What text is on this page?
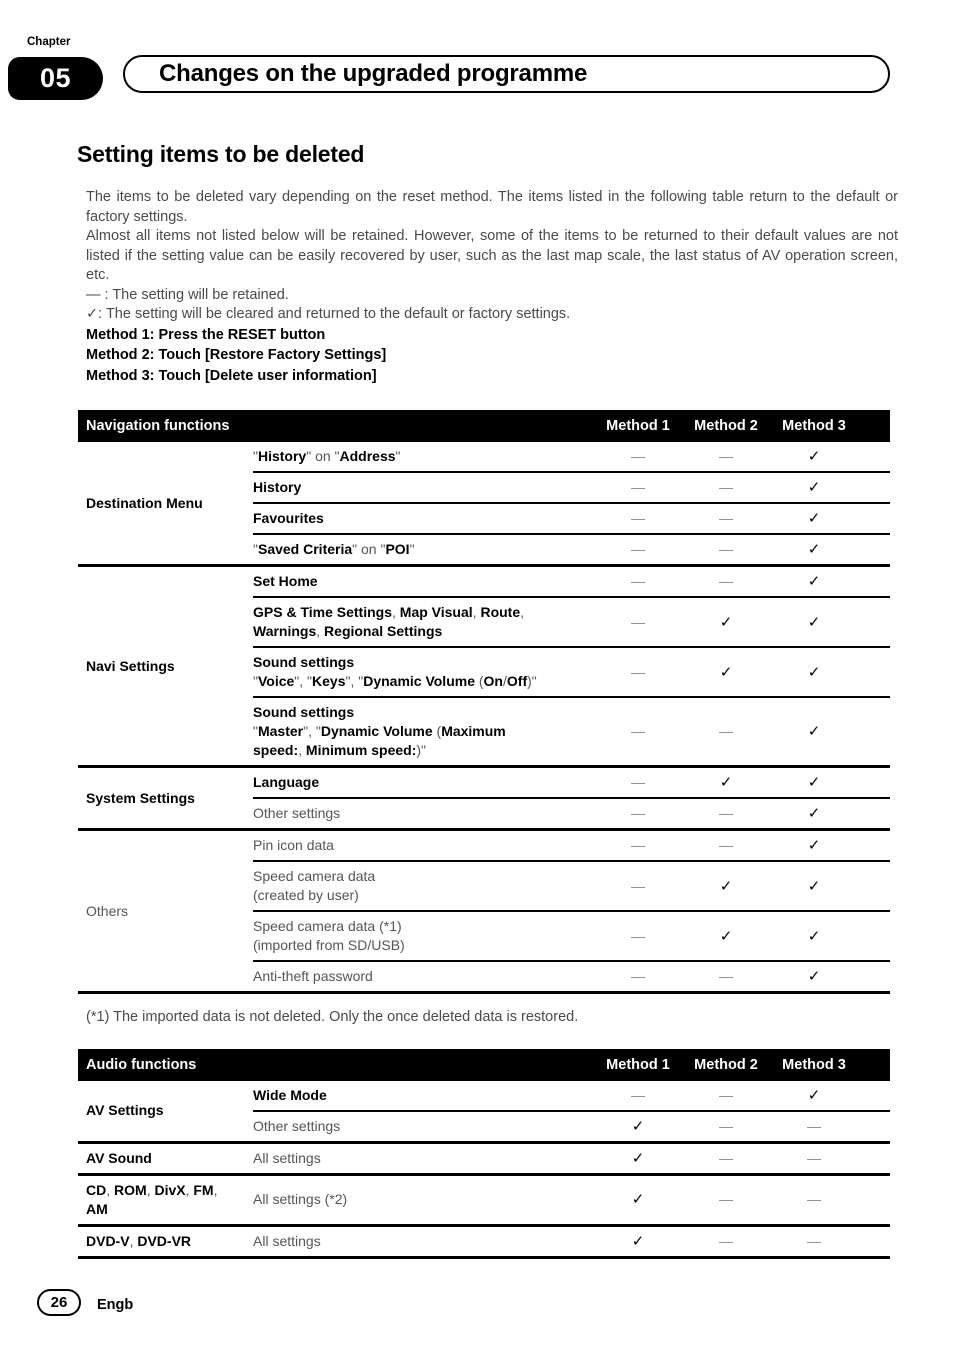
Chapter
05	Changes on the upgraded programme
Setting items to be deleted

The items to be deleted vary depending on the reset method. The items listed in the following table return to the default or factory settings.

Almost all items not listed below will be retained. However, some of the items to be returned to their default values are not listed if the setting value can be easily recovered by user, such as the last map scale, the last status of AV operation screen, etc.

— : The setting will be retained.
✓: The setting will be cleared and returned to the default or factory settings.
Method 1: Press the RESET button
Method 2: Touch [Restore Factory Settings]
Method 3: Touch [Delete user information]
Navigation functions		Method 1	Method 2	Method 3	

Destination Menu	"History" on "Address"	—	—	✓	

	History	—	—	✓	

	Favourites	—	—	✓	

	"Saved Criteria" on "POI"	—	—	✓	

Navi Settings	Set Home	—	—	✓	

	GPS & Time Settings, Map Visual, Route,
Warnings, Regional Settings	—	✓	✓	

	Sound settings
"Voice", "Keys", "Dynamic Volume (On/Off)"	—	✓	✓	

	Sound settings
"Master", "Dynamic Volume (Maximum
speed:, Minimum speed:)"	—	—	✓	

System Settings	Language	—	✓	✓	

	Other settings	—	—	✓	

Others	Pin icon data	—	—	✓	

	Speed camera data
(created by user)	—	✓	✓	

	Speed camera data (*1)
(imported from SD/USB)	—	✓	✓	

	Anti-theft password	—	—	✓	

(*1) The imported data is not deleted. Only the once deleted data is restored.

Audio functions		Method 1	Method 2	Method 3	

AV Settings	Wide Mode	—	—	✓	

	Other settings	✓	—	—	

AV Sound	All settings	✓	—	—	

CD, ROM, DivX, FM,
AM	All settings (*2)	✓	—	—	

DVD-V, DVD-VR	All settings	✓	—	—	
26	Engb
